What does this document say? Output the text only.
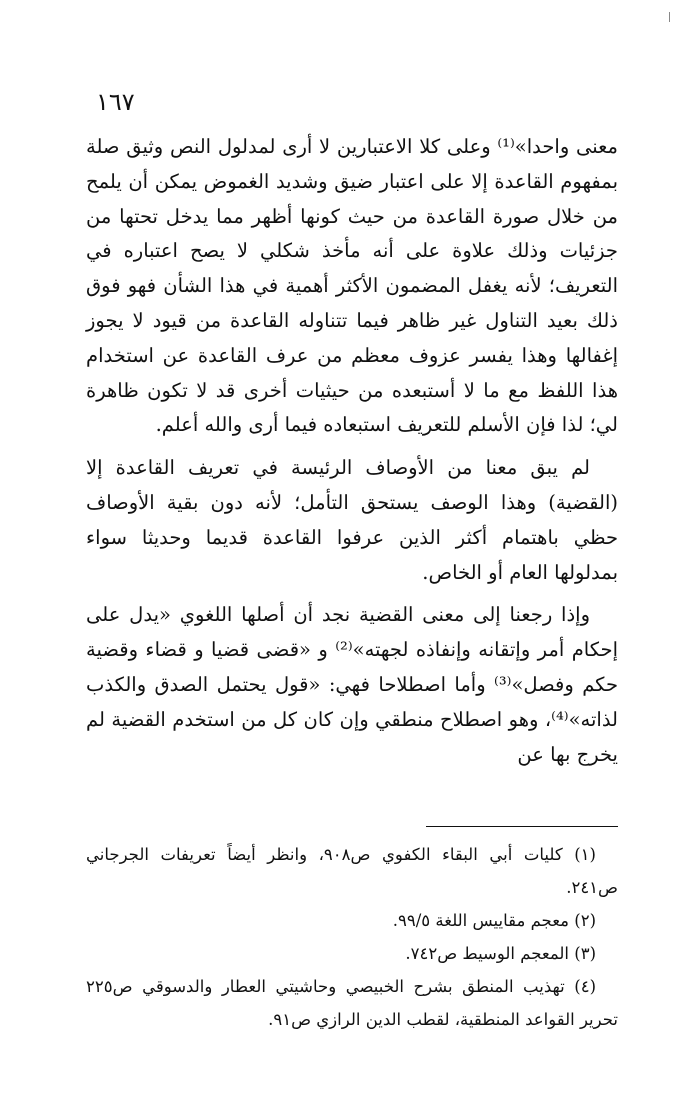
١٦٧

معنى واحدا»⁽¹⁾ وعلى كلا الاعتبارين لا أرى لمدلول النص وثيق صلة بمفهوم القاعدة إلا على اعتبار ضيق وشديد الغموض يمكن أن يلمح من خلال صورة القاعدة من حيث كونها أظهر مما يدخل تحتها من جزئيات وذلك علاوة على أنه مأخذ شكلي لا يصح اعتباره في التعريف؛ لأنه يغفل المضمون الأكثر أهمية في هذا الشأن فهو فوق ذلك بعيد التناول غير ظاهر فيما تتناوله القاعدة من قيود لا يجوز إغفالها وهذا يفسر عزوف معظم من عرف القاعدة عن استخدام هذا اللفظ مع ما لا أستبعده من حيثيات أخرى قد لا تكون ظاهرة لي؛ لذا فإن الأسلم للتعريف استبعاده فيما أرى والله أعلم.

لم يبق معنا من الأوصاف الرئيسة في تعريف القاعدة إلا (القضية) وهذا الوصف يستحق التأمل؛ لأنه دون بقية الأوصاف حظي باهتمام أكثر الذين عرفوا القاعدة قديما وحديثا سواء بمدلولها العام أو الخاص.

وإذا رجعنا إلى معنى القضية نجد أن أصلها اللغوي «يدل على إحكام أمر وإتقانه وإنفاذه لجهته»⁽²⁾ و «قضى قضيا و قضاء وقضية حكم وفصل»⁽³⁾ وأما اصطلاحا فهي: «قول يحتمل الصدق والكذب لذاته»⁽⁴⁾، وهو اصطلاح منطقي وإن كان كل من استخدم القضية لم يخرج بها عن

(١) كليات أبي البقاء الكفوي ص٩٠٨، وانظر أيضاً تعريفات الجرجاني ص٢٤١.

(٢) معجم مقاييس اللغة ٩٩/٥.

(٣) المعجم الوسيط ص٧٤٢.

(٤) تهذيب المنطق بشرح الخبيصي وحاشيتي العطار والدسوقي ص٢٢٥ تحرير القواعد المنطقية، لقطب الدين الرازي ص٩١.
